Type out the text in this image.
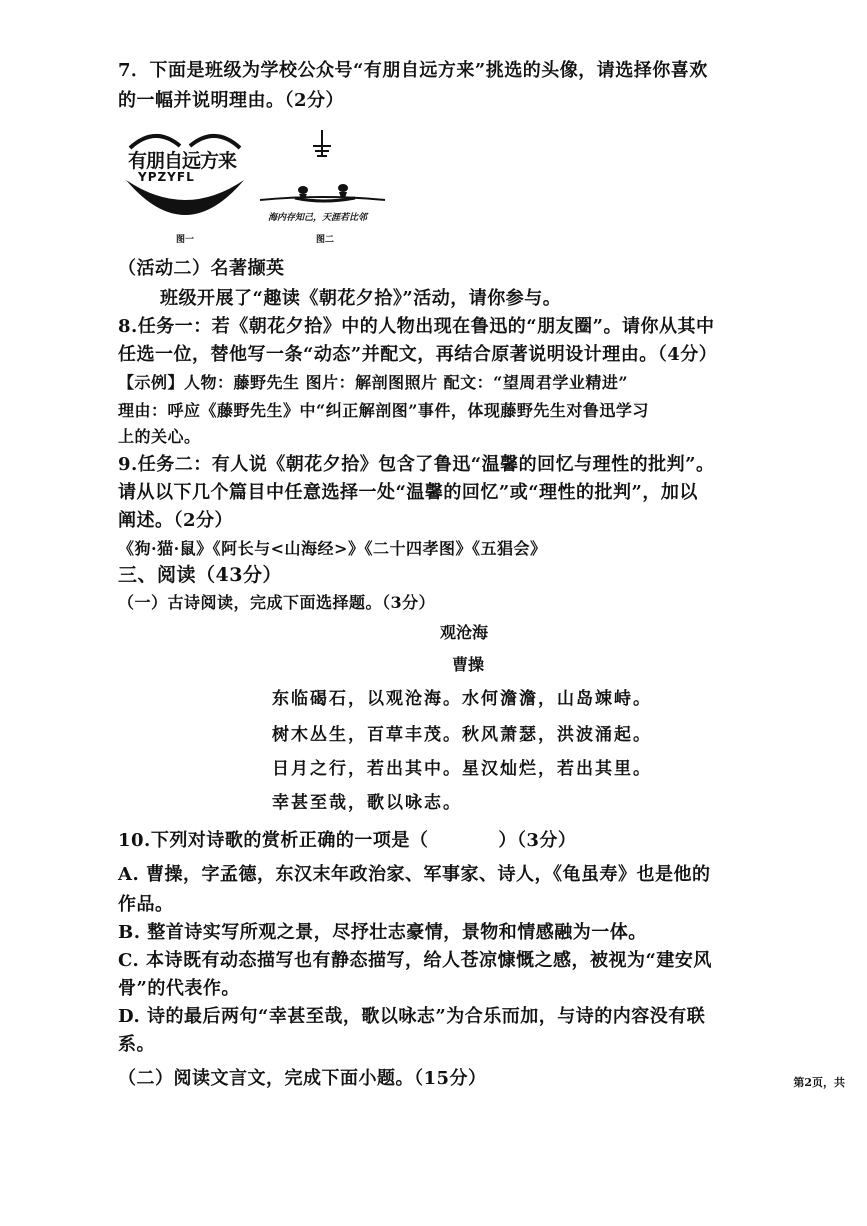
7．下面是班级为学校公众号“有朋自远方来”挑选的头像，请选择你喜欢
的一幅并说明理由。（2分）
有朋自远方来
YPZYFL
图一
海内存知己，天涯若比邻
图二
（活动二）名著撷英
班级开展了“趣读《朝花夕拾》”活动，请你参与。
8.任务一：若《朝花夕拾》中的人物出现在鲁迅的“朋友圈”。请你从其中
任选一位，替他写一条“动态”并配文，再结合原著说明设计理由。（4分）
【示例】人物：藤野先生 图片：解剖图照片 配文：“望周君学业精进”
理由：呼应《藤野先生》中“纠正解剖图”事件，体现藤野先生对鲁迅学习
上的关心。
9.任务二：有人说《朝花夕拾》包含了鲁迅“温馨的回忆与理性的批判”。
请从以下几个篇目中任意选择一处“温馨的回忆”或“理性的批判”，加以
阐述。（2分）
《狗·猫·鼠》《阿长与<山海经>》《二十四孝图》《五猖会》
三、阅读（43分）
（一）古诗阅读，完成下面选择题。（3分）
观沧海
曹操
东临碣石，以观沧海。水何澹澹，山岛竦峙。
树木丛生，百草丰茂。秋风萧瑟，洪波涌起。
日月之行，若出其中。星汉灿烂，若出其里。
幸甚至哉，歌以咏志。
10.下列对诗歌的赏析正确的一项是（	）（3分）
A. 曹操，字孟德，东汉末年政治家、军事家、诗人，《龟虽寿》也是他的
作品。
B. 整首诗实写所观之景，尽抒壮志豪情，景物和情感融为一体。
C. 本诗既有动态描写也有静态描写，给人苍凉慷慨之感，被视为“建安风
骨”的代表作。
D. 诗的最后两句“幸甚至哉，歌以咏志”为合乐而加，与诗的内容没有联
系。
（二）阅读文言文，完成下面小题。（15分）	第2页，共
